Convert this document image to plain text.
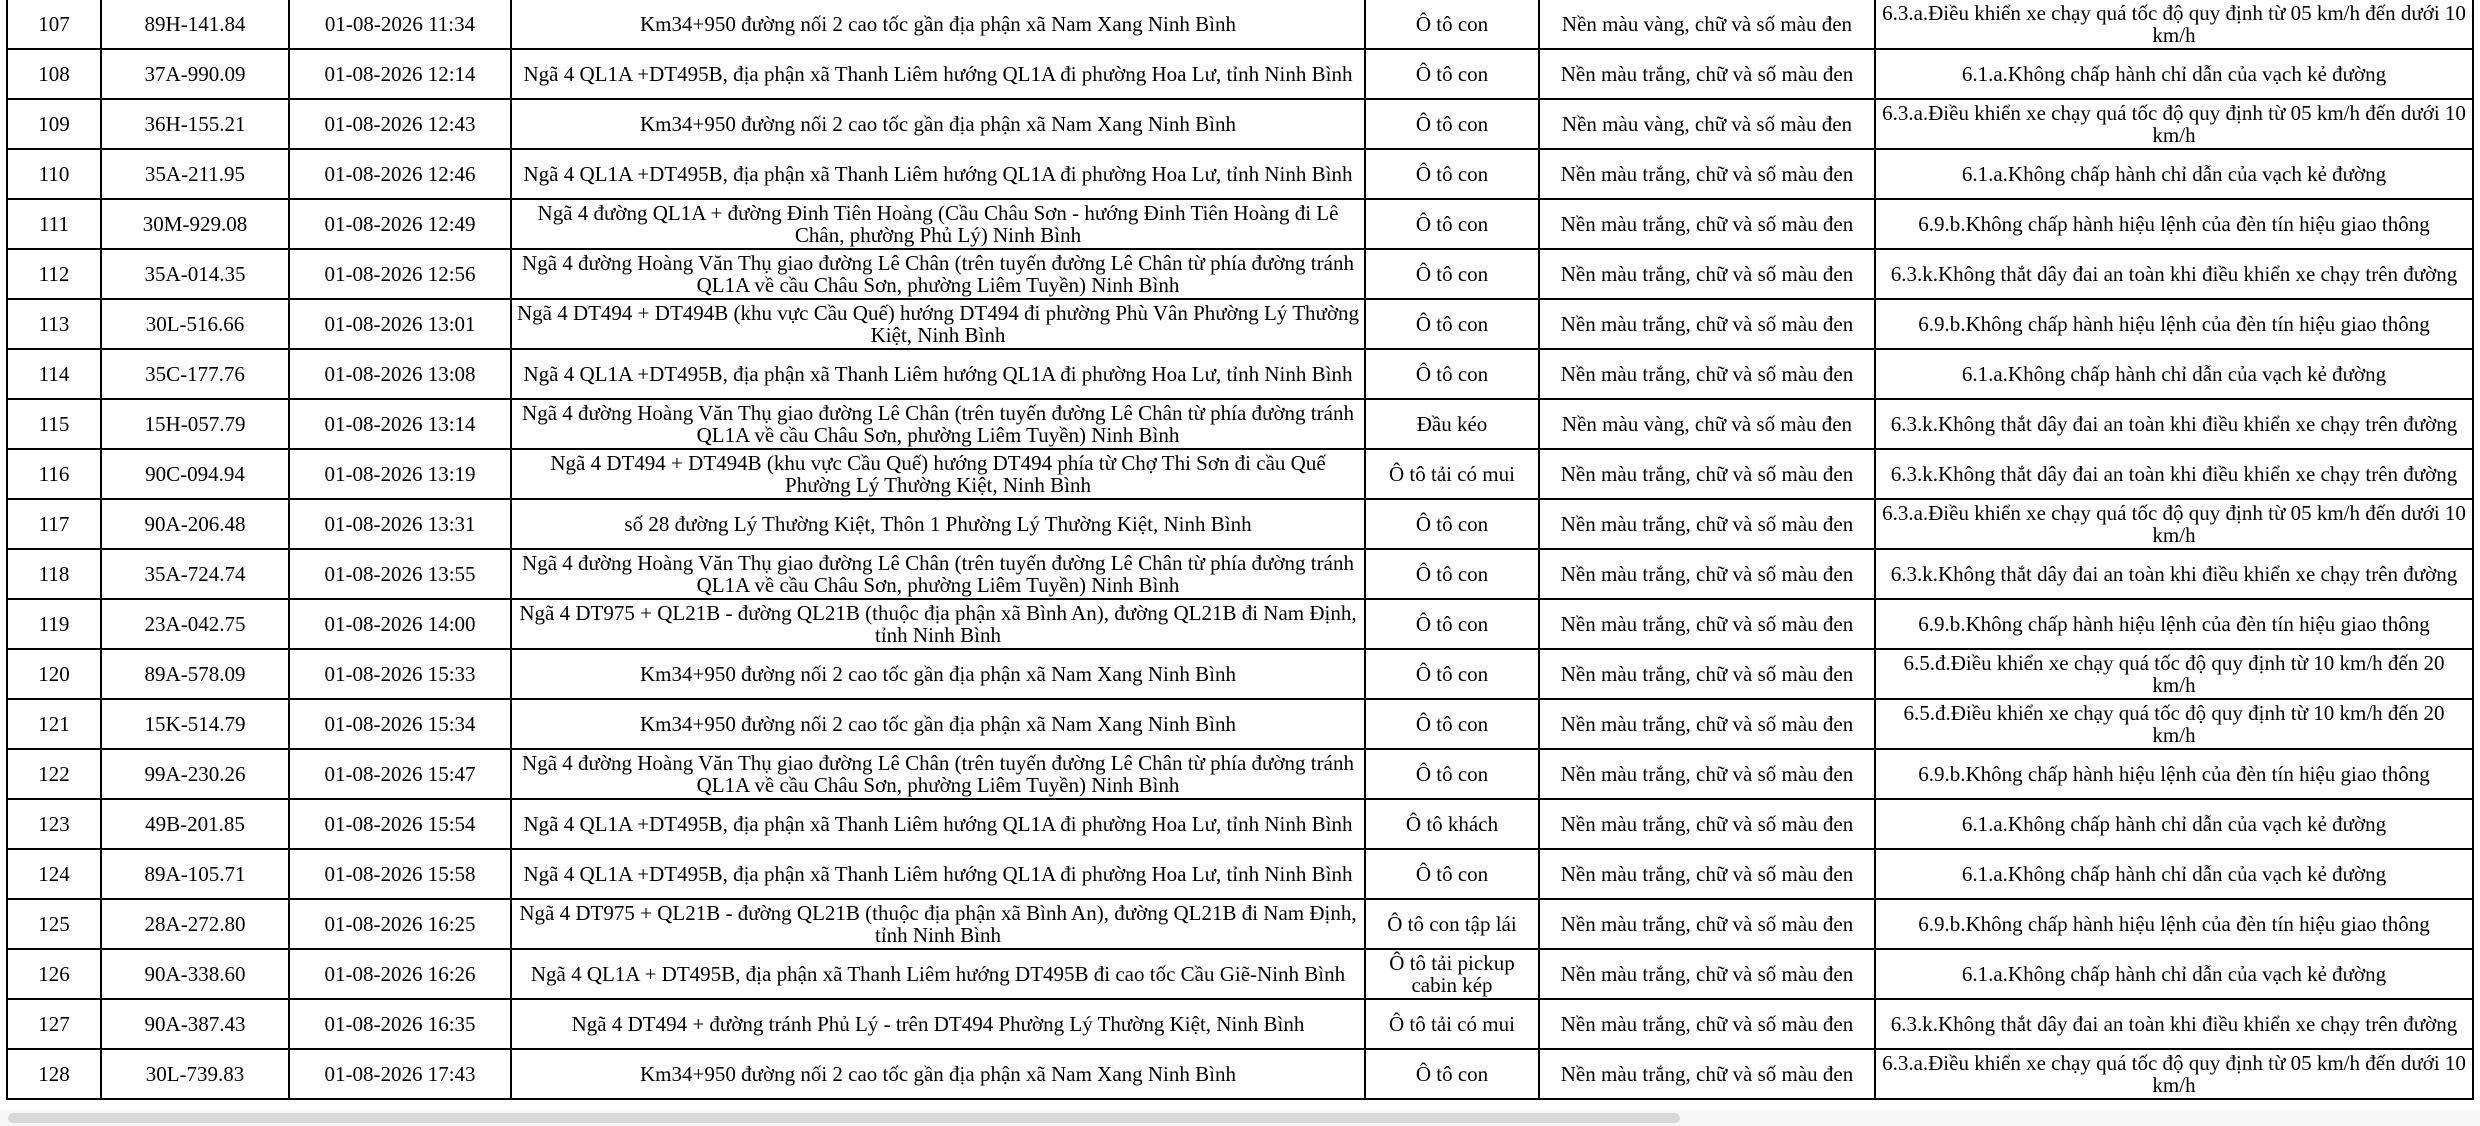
107	89H-141.84	01-08-2026 11:34	Km34+950 đường nối 2 cao tốc gần địa phận xã Nam Xang Ninh Bình	Ô tô con	Nền màu vàng, chữ và số màu đen	6.3.a.Điều khiển xe chạy quá tốc độ quy định từ 05 km/h đến dưới 10 km/h
108	37A-990.09	01-08-2026 12:14	Ngã 4 QL1A +DT495B, địa phận xã Thanh Liêm hướng QL1A đi phường Hoa Lư, tỉnh Ninh Bình	Ô tô con	Nền màu trắng, chữ và số màu đen	6.1.a.Không chấp hành chỉ dẫn của vạch kẻ đường
109	36H-155.21	01-08-2026 12:43	Km34+950 đường nối 2 cao tốc gần địa phận xã Nam Xang Ninh Bình	Ô tô con	Nền màu vàng, chữ và số màu đen	6.3.a.Điều khiển xe chạy quá tốc độ quy định từ 05 km/h đến dưới 10 km/h
110	35A-211.95	01-08-2026 12:46	Ngã 4 QL1A +DT495B, địa phận xã Thanh Liêm hướng QL1A đi phường Hoa Lư, tỉnh Ninh Bình	Ô tô con	Nền màu trắng, chữ và số màu đen	6.1.a.Không chấp hành chỉ dẫn của vạch kẻ đường
111	30M-929.08	01-08-2026 12:49	Ngã 4 đường QL1A + đường Đinh Tiên Hoàng (Cầu Châu Sơn - hướng Đinh Tiên Hoàng đi Lê Chân, phường Phủ Lý) Ninh Bình	Ô tô con	Nền màu trắng, chữ và số màu đen	6.9.b.Không chấp hành hiệu lệnh của đèn tín hiệu giao thông
112	35A-014.35	01-08-2026 12:56	Ngã 4 đường Hoàng Văn Thụ giao đường Lê Chân (trên tuyến đường Lê Chân từ phía đường tránh QL1A về cầu Châu Sơn, phường Liêm Tuyền) Ninh Bình	Ô tô con	Nền màu trắng, chữ và số màu đen	6.3.k.Không thắt dây đai an toàn khi điều khiển xe chạy trên đường
113	30L-516.66	01-08-2026 13:01	Ngã 4 DT494 + DT494B (khu vực Cầu Quế) hướng DT494 đi phường Phù Vân Phường Lý Thường Kiệt, Ninh Bình	Ô tô con	Nền màu trắng, chữ và số màu đen	6.9.b.Không chấp hành hiệu lệnh của đèn tín hiệu giao thông
114	35C-177.76	01-08-2026 13:08	Ngã 4 QL1A +DT495B, địa phận xã Thanh Liêm hướng QL1A đi phường Hoa Lư, tỉnh Ninh Bình	Ô tô con	Nền màu trắng, chữ và số màu đen	6.1.a.Không chấp hành chỉ dẫn của vạch kẻ đường
115	15H-057.79	01-08-2026 13:14	Ngã 4 đường Hoàng Văn Thụ giao đường Lê Chân (trên tuyến đường Lê Chân từ phía đường tránh QL1A về cầu Châu Sơn, phường Liêm Tuyền) Ninh Bình	Đầu kéo	Nền màu vàng, chữ và số màu đen	6.3.k.Không thắt dây đai an toàn khi điều khiển xe chạy trên đường
116	90C-094.94	01-08-2026 13:19	Ngã 4 DT494 + DT494B (khu vực Cầu Quế) hướng DT494 phía từ Chợ Thi Sơn đi cầu Quế Phường Lý Thường Kiệt, Ninh Bình	Ô tô tải có mui	Nền màu trắng, chữ và số màu đen	6.3.k.Không thắt dây đai an toàn khi điều khiển xe chạy trên đường
117	90A-206.48	01-08-2026 13:31	số 28 đường Lý Thường Kiệt, Thôn 1 Phường Lý Thường Kiệt, Ninh Bình	Ô tô con	Nền màu trắng, chữ và số màu đen	6.3.a.Điều khiển xe chạy quá tốc độ quy định từ 05 km/h đến dưới 10 km/h
118	35A-724.74	01-08-2026 13:55	Ngã 4 đường Hoàng Văn Thụ giao đường Lê Chân (trên tuyến đường Lê Chân từ phía đường tránh QL1A về cầu Châu Sơn, phường Liêm Tuyền) Ninh Bình	Ô tô con	Nền màu trắng, chữ và số màu đen	6.3.k.Không thắt dây đai an toàn khi điều khiển xe chạy trên đường
119	23A-042.75	01-08-2026 14:00	Ngã 4 DT975 + QL21B - đường QL21B (thuộc địa phận xã Bình An), đường QL21B đi Nam Định, tỉnh Ninh Bình	Ô tô con	Nền màu trắng, chữ và số màu đen	6.9.b.Không chấp hành hiệu lệnh của đèn tín hiệu giao thông
120	89A-578.09	01-08-2026 15:33	Km34+950 đường nối 2 cao tốc gần địa phận xã Nam Xang Ninh Bình	Ô tô con	Nền màu trắng, chữ và số màu đen	6.5.đ.Điều khiển xe chạy quá tốc độ quy định từ 10 km/h đến 20 km/h
121	15K-514.79	01-08-2026 15:34	Km34+950 đường nối 2 cao tốc gần địa phận xã Nam Xang Ninh Bình	Ô tô con	Nền màu trắng, chữ và số màu đen	6.5.đ.Điều khiển xe chạy quá tốc độ quy định từ 10 km/h đến 20 km/h
122	99A-230.26	01-08-2026 15:47	Ngã 4 đường Hoàng Văn Thụ giao đường Lê Chân (trên tuyến đường Lê Chân từ phía đường tránh QL1A về cầu Châu Sơn, phường Liêm Tuyền) Ninh Bình	Ô tô con	Nền màu trắng, chữ và số màu đen	6.9.b.Không chấp hành hiệu lệnh của đèn tín hiệu giao thông
123	49B-201.85	01-08-2026 15:54	Ngã 4 QL1A +DT495B, địa phận xã Thanh Liêm hướng QL1A đi phường Hoa Lư, tỉnh Ninh Bình	Ô tô khách	Nền màu trắng, chữ và số màu đen	6.1.a.Không chấp hành chỉ dẫn của vạch kẻ đường
124	89A-105.71	01-08-2026 15:58	Ngã 4 QL1A +DT495B, địa phận xã Thanh Liêm hướng QL1A đi phường Hoa Lư, tỉnh Ninh Bình	Ô tô con	Nền màu trắng, chữ và số màu đen	6.1.a.Không chấp hành chỉ dẫn của vạch kẻ đường
125	28A-272.80	01-08-2026 16:25	Ngã 4 DT975 + QL21B - đường QL21B (thuộc địa phận xã Bình An), đường QL21B đi Nam Định, tỉnh Ninh Bình	Ô tô con tập lái	Nền màu trắng, chữ và số màu đen	6.9.b.Không chấp hành hiệu lệnh của đèn tín hiệu giao thông
126	90A-338.60	01-08-2026 16:26	Ngã 4 QL1A + DT495B, địa phận xã Thanh Liêm hướng DT495B đi cao tốc Cầu Giẽ-Ninh Bình	Ô tô tải pickup cabin kép	Nền màu trắng, chữ và số màu đen	6.1.a.Không chấp hành chỉ dẫn của vạch kẻ đường
127	90A-387.43	01-08-2026 16:35	Ngã 4 DT494 + đường tránh Phủ Lý - trên DT494 Phường Lý Thường Kiệt, Ninh Bình	Ô tô tải có mui	Nền màu trắng, chữ và số màu đen	6.3.k.Không thắt dây đai an toàn khi điều khiển xe chạy trên đường
128	30L-739.83	01-08-2026 17:43	Km34+950 đường nối 2 cao tốc gần địa phận xã Nam Xang Ninh Bình	Ô tô con	Nền màu trắng, chữ và số màu đen	6.3.a.Điều khiển xe chạy quá tốc độ quy định từ 05 km/h đến dưới 10 km/h
